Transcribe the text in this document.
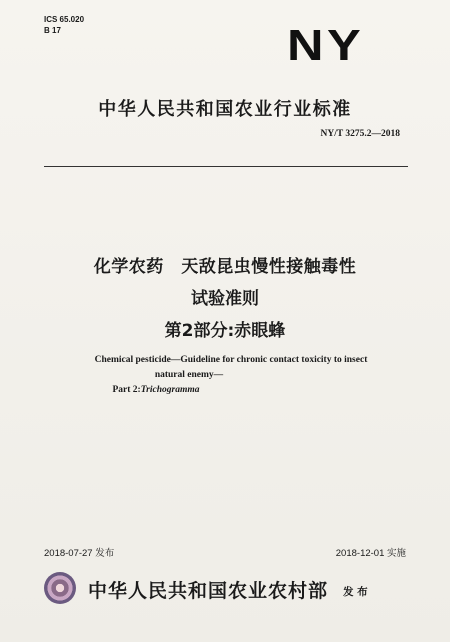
ICS 65.020
B 17	NY
中华人民共和国农业行业标准
NY/T 3275.2—2018
化学农药　天敌昆虫慢性接触毒性
试验准则
第2部分:赤眼蜂
Chemical pesticide—Guideline for chronic contact toxicity to insect
natural enemy—
Part 2:Trichogramma
2018-07-27 发布	2018-12-01 实施
中华人民共和国农业农村部 发 布
